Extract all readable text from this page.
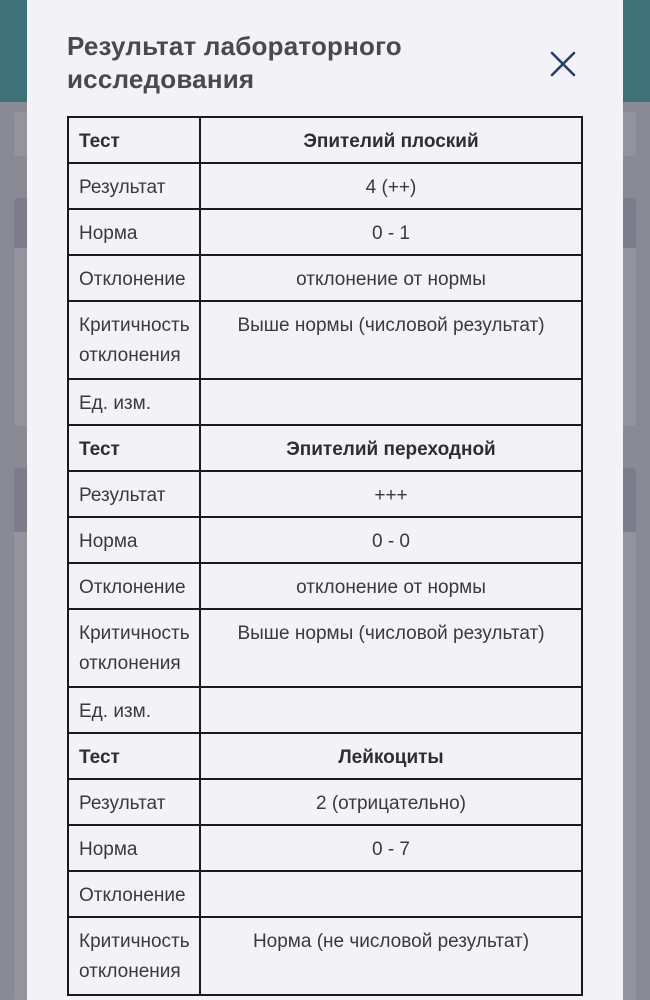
Результат лабораторного исследования
Тест	Эпителий плоский
Результат	4 (++)
Норма	0 - 1
Отклонение	отклонение от нормы
Критичность отклонения	Выше нормы (числовой результат)
Ед. изм.	
Тест	Эпителий переходной
Результат	+++
Норма	0 - 0
Отклонение	отклонение от нормы
Критичность отклонения	Выше нормы (числовой результат)
Ед. изм.	
Тест	Лейкоциты
Результат	2 (отрицательно)
Норма	0 - 7
Отклонение	
Критичность отклонения	Норма (не числовой результат)
